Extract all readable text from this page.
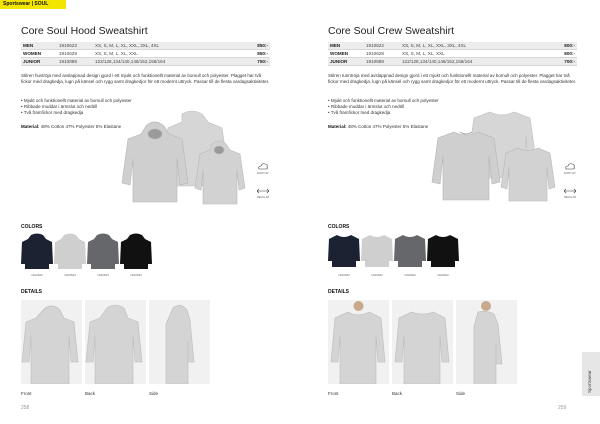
Sportswear | SOUL
Core Soul Hood Sweatshirt
MEN	1910623	XS, S, M, L, XL, XXL, 3XL, 4XL	850:-
WOMEN	1910629	XS, S, M, L, XL, XXL	850:-
JUNIOR	1910899	122/128,134/140,146/152,158/164	750:-

Stilren huvtröja med avslappnad design gjord i ett mjukt och funktionellt material av bomull och polyester. Plagget har två fickor med dragkedja, lugn på känsel och rygg samt dragkedjor för ett modernt uttryck. Passar till de flesta vardagsaktiviteter.

• Mjukt och funktionellt material av bomull och polyester
• Ribbade muddar i ärmslut och nedtill
• Två framfickor med dragkedja
Material: 48% Cotton 47% Polyester 5% Elastane
WASH 40°
REGULAR
COLORS
1910623	1910623	1910623	1910623
DETAILS
Front	Back	Side
258
Core Soul Crew Sweatshirt
MEN	1910622	XS, S, M, L, XL, XXL, 3XL, 4XL	800:-
WOMEN	1910628	XS, S, M, L, XL, XXL	800:-
JUNIOR	1910898	122/128,134/140,146/152,158/164	700:-

Stilren tunntröja med avslappnad design gjord i ett mjukt och funktionellt material av bomull och polyester. Plagget har två fickor med dragkedja, lugn på känsel och rygg samt dragkedjor för ett modernt uttryck. Passar till de flesta vardagsaktiviteter.

• Mjukt och funktionellt material av bomull och polyester
• Ribbade muddar i ärmslut och nedtill
• Två framfickor med dragkedja
Material: 48% Cotton 47% Polyester 5% Elastane
WASH 40°
REGULAR
COLORS
1910622	1910622	1910622	1910622
DETAILS
Front	Back	Side
259
Sportswear
